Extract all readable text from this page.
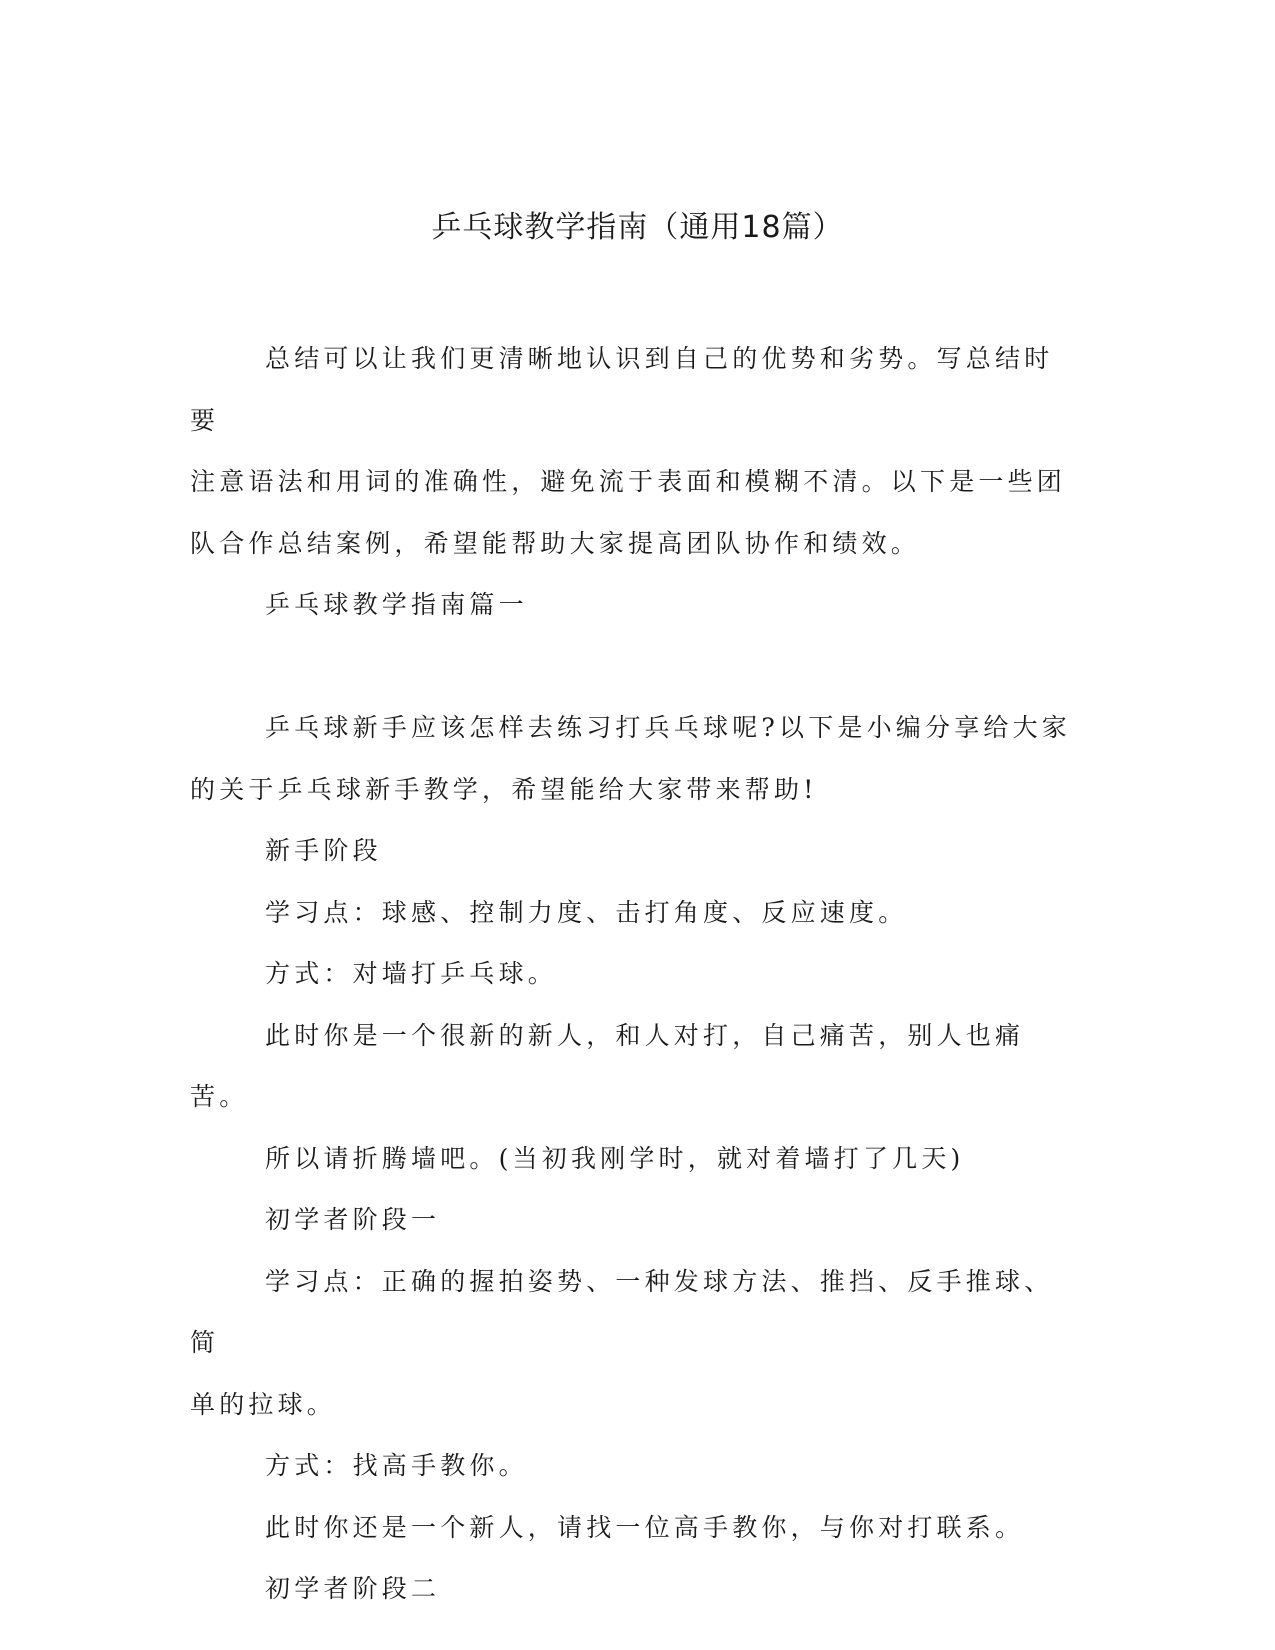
乒乓球教学指南（通用18篇）

总结可以让我们更清晰地认识到自己的优势和劣势。写总结时要
注意语法和用词的准确性，避免流于表面和模糊不清。以下是一些团
队合作总结案例，希望能帮助大家提高团队协作和绩效。

乒乓球教学指南篇一

乒乓球新手应该怎样去练习打兵乓球呢?以下是小编分享给大家
的关于乒乓球新手教学，希望能给大家带来帮助!

新手阶段

学习点：球感、控制力度、击打角度、反应速度。

方式：对墙打乒乓球。

此时你是一个很新的新人，和人对打，自己痛苦，别人也痛苦。

所以请折腾墙吧。(当初我刚学时，就对着墙打了几天)

初学者阶段一

学习点：正确的握拍姿势、一种发球方法、推挡、反手推球、简
单的拉球。

方式：找高手教你。

此时你还是一个新人，请找一位高手教你，与你对打联系。

初学者阶段二
